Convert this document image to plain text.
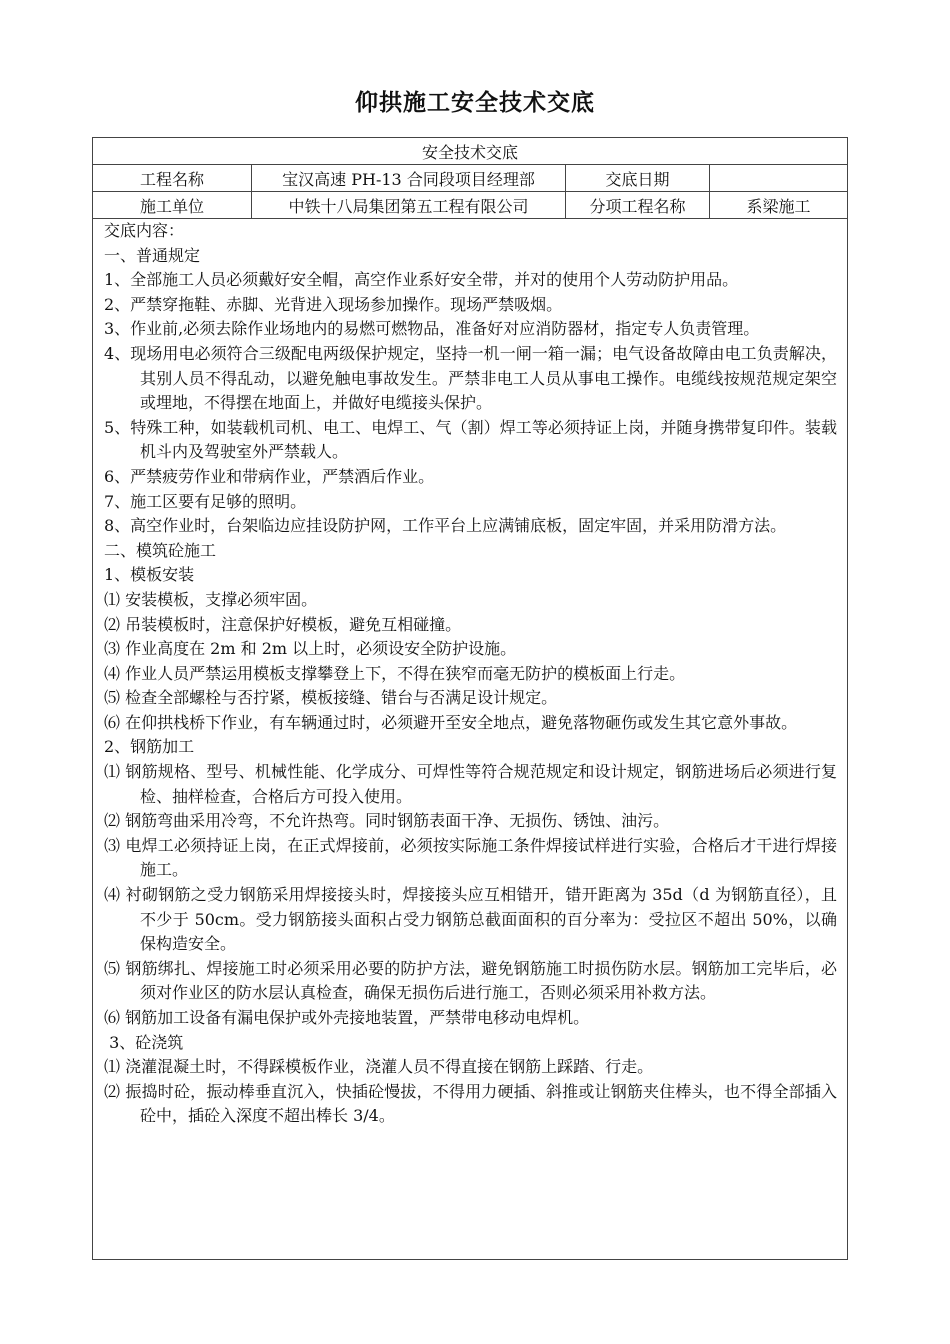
仰拱施工安全技术交底
安全技术交底
工程名称	宝汉高速 PH-13 合同段项目经理部	交底日期
施工单位	中铁十八局集团第五工程有限公司	分项工程名称	系梁施工
交底内容：
一、普通规定
1、全部施工人员必须戴好安全帽，高空作业系好安全带，并对的使用个人劳动防护用品。
2、严禁穿拖鞋、赤脚、光背进入现场参加操作。现场严禁吸烟。
3、作业前,必须去除作业场地内的易燃可燃物品，准备好对应消防器材，指定专人负责管理。
4、现场用电必须符合三级配电两级保护规定，坚持一机一闸一箱一漏；电气设备故障由电工负责解决，其别人员不得乱动，以避免触电事故发生。严禁非电工人员从事电工操作。电缆线按规范规定架空或埋地，不得摆在地面上，并做好电缆接头保护。
5、特殊工种，如装载机司机、电工、电焊工、气（割）焊工等必须持证上岗，并随身携带复印件。装载机斗内及驾驶室外严禁载人。
6、严禁疲劳作业和带病作业，严禁酒后作业。
7、施工区要有足够的照明。
8、高空作业时，台架临边应挂设防护网，工作平台上应满铺底板，固定牢固，并采用防滑方法。
二、模筑砼施工
1、模板安装
⑴ 安装模板，支撑必须牢固。
⑵ 吊装模板时，注意保护好模板，避免互相碰撞。
⑶ 作业高度在 2m 和 2m 以上时，必须设安全防护设施。
⑷ 作业人员严禁运用模板支撑攀登上下，不得在狭窄而毫无防护的模板面上行走。
⑸ 检查全部螺栓与否拧紧，模板接缝、错台与否满足设计规定。
⑹ 在仰拱栈桥下作业，有车辆通过时，必须避开至安全地点，避免落物砸伤或发生其它意外事故。
2、钢筋加工
⑴ 钢筋规格、型号、机械性能、化学成分、可焊性等符合规范规定和设计规定，钢筋进场后必须进行复检、抽样检查，合格后方可投入使用。
⑵ 钢筋弯曲采用冷弯，不允许热弯。同时钢筋表面干净、无损伤、锈蚀、油污。
⑶ 电焊工必须持证上岗，在正式焊接前，必须按实际施工条件焊接试样进行实验，合格后才干进行焊接施工。
⑷ 衬砌钢筋之受力钢筋采用焊接接头时，焊接接头应互相错开，错开距离为 35d（d 为钢筋直径），且不少于 50cm。受力钢筋接头面积占受力钢筋总截面面积的百分率为：受拉区不超出 50%，以确保构造安全。
⑸ 钢筋绑扎、焊接施工时必须采用必要的防护方法，避免钢筋施工时损伤防水层。钢筋加工完毕后，必须对作业区的防水层认真检查，确保无损伤后进行施工，否则必须采用补救方法。
⑹ 钢筋加工设备有漏电保护或外壳接地装置，严禁带电移动电焊机。
3、砼浇筑
⑴ 浇灌混凝土时，不得踩模板作业，浇灌人员不得直接在钢筋上踩踏、行走。
⑵ 振捣时砼，振动棒垂直沉入，快插砼慢拔，不得用力硬插、斜推或让钢筋夹住棒头，也不得全部插入砼中，插砼入深度不超出棒长 3/4。
